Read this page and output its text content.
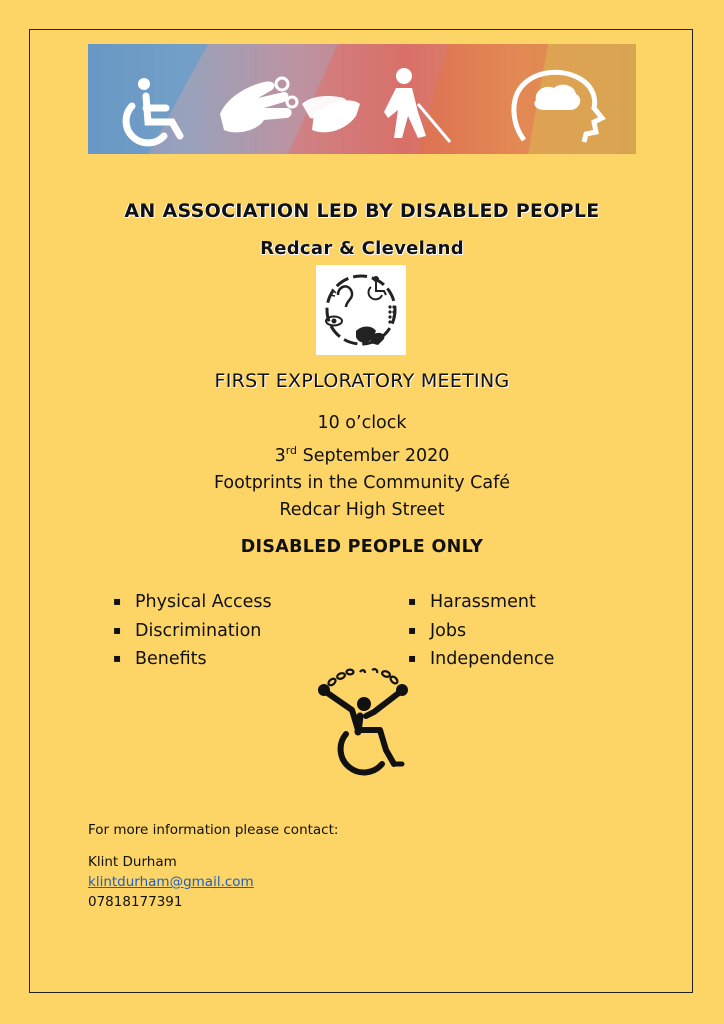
AN ASSOCIATION LED BY DISABLED PEOPLE
Redcar & Cleveland
FIRST EXPLORATORY MEETING
10 o’clock
3rd September 2020
Footprints in the Community Café
Redcar High Street
DISABLED PEOPLE ONLY
▪ Physical Access
▪ Discrimination
▪ Benefits
▪ Harassment
▪ Jobs
▪ Independence
For more information please contact:
Klint Durham
klintdurham@gmail.com
07818177391
